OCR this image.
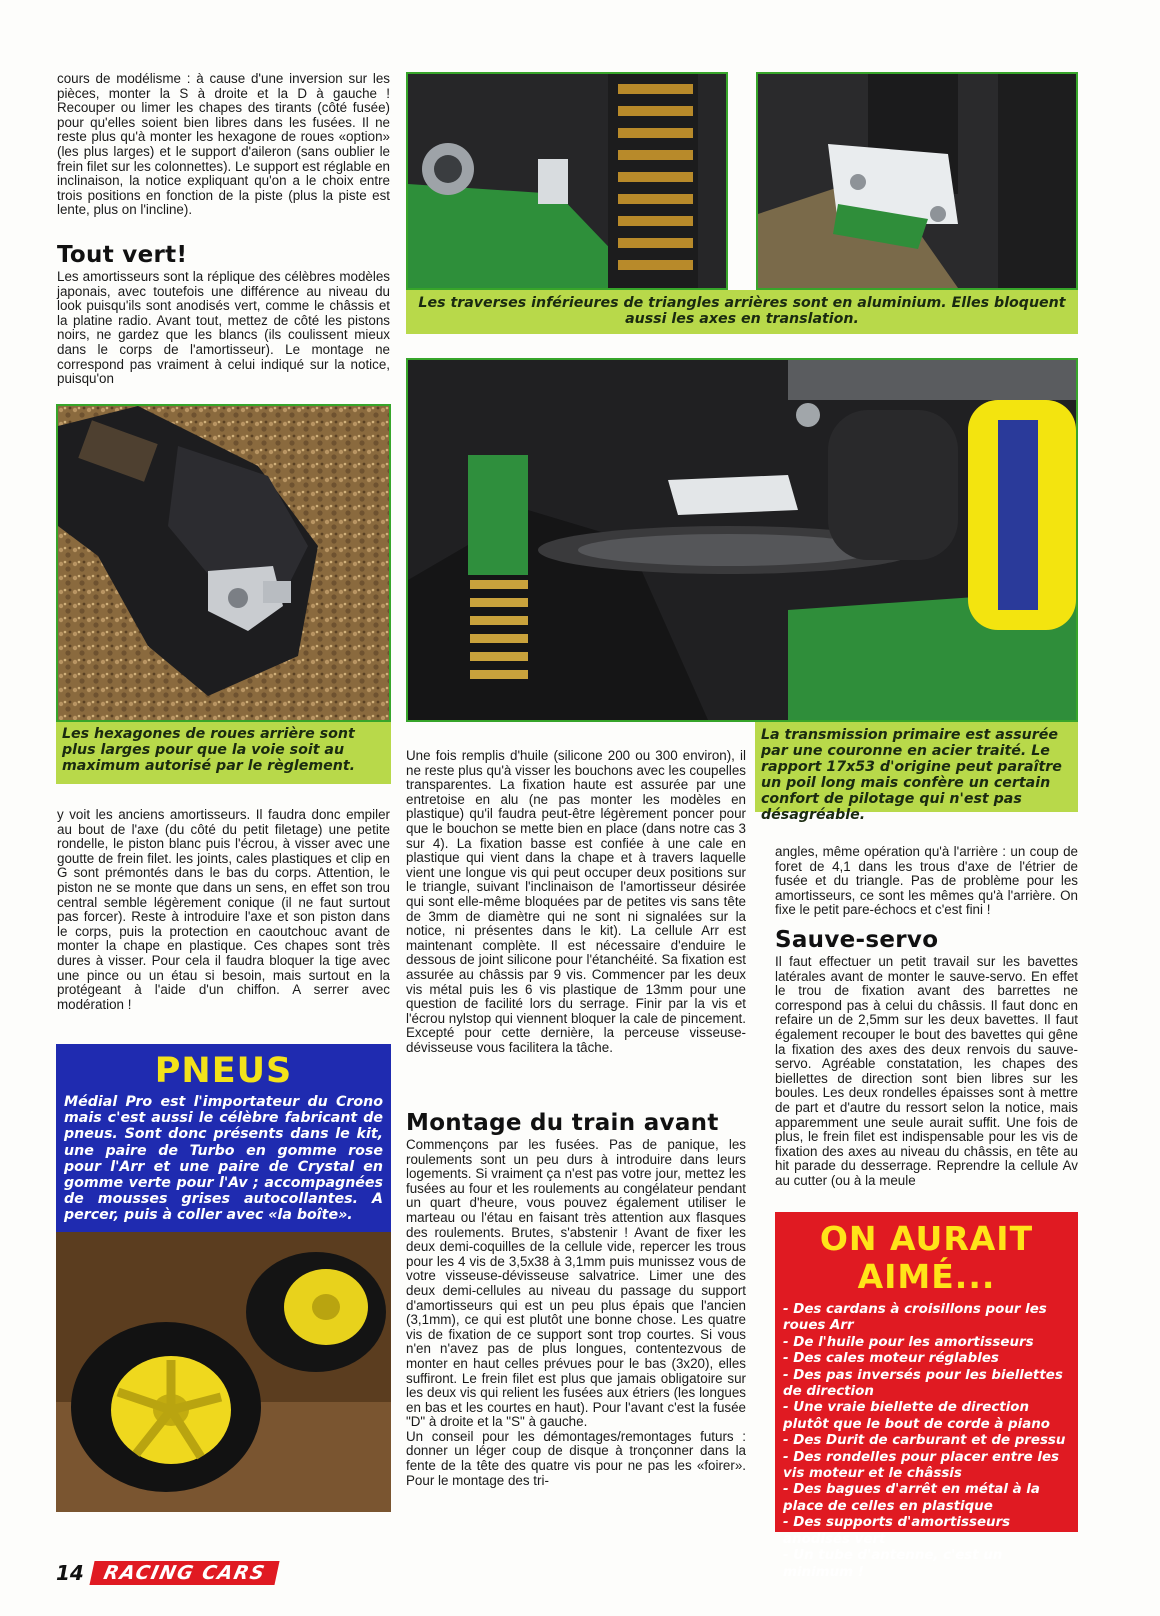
cours de modélisme : à cause d'une inversion sur les pièces, monter la S à droite et la D à gauche ! Recouper ou limer les chapes des tirants (côté fusée) pour qu'elles soient bien libres dans les fusées. Il ne reste plus qu'à monter les hexagone de roues «option» (les plus larges) et le support d'aileron (sans oublier le frein filet sur les colonnettes). Le support est réglable en inclinaison, la notice expliquant qu'on a le choix entre trois positions en fonction de la piste (plus la piste est lente, plus on l'incline).

Tout vert!

Les amortisseurs sont la réplique des célèbres modèles japonais, avec toutefois une différence au niveau du look puisqu'ils sont anodisés vert, comme le châssis et la platine radio. Avant tout, mettez de côté les pistons noirs, ne gardez que les blancs (ils coulissent mieux dans le corps de l'amortisseur). Le montage ne correspond pas vraiment à celui indiqué sur la notice, puisqu'on

Les hexagones de roues arrière sont plus larges pour que la voie soit au maximum autorisé par le règlement.

y voit les anciens amortisseurs. Il faudra donc empiler au bout de l'axe (du côté du petit filetage) une petite rondelle, le piston blanc puis l'écrou, à visser avec une goutte de frein filet. les joints, cales plastiques et clip en G sont prémontés dans le bas du corps. Attention, le piston ne se monte que dans un sens, en effet son trou central semble légèrement conique (il ne faut surtout pas forcer). Reste à introduire l'axe et son piston dans le corps, puis la protection en caoutchouc avant de monter la chape en plastique. Ces chapes sont très dures à visser. Pour cela il faudra bloquer la tige avec une pince ou un étau si besoin, mais surtout en la protégeant à l'aide d'un chiffon. A serrer avec modération !

PNEUS
Médial Pro est l'importateur du Crono mais c'est aussi le célèbre fabricant de pneus. Sont donc présents dans le kit, une paire de Turbo en gomme rose pour l'Arr et une paire de Crystal en gomme verte pour l'Av ; accompagnées de mousses grises autocollantes. A percer, puis à coller avec «la boîte».
Les traverses inférieures de triangles arrières sont en aluminium. Elles bloquent aussi les axes en translation.
La transmission primaire est assurée par une couronne en acier traité. Le rapport 17x53 d'origine peut paraître un poil long mais confère un certain confort de pilotage qui n'est pas désagréable.

Une fois remplis d'huile (silicone 200 ou 300 environ), il ne reste plus qu'à visser les bouchons avec les coupelles transparentes. La fixation haute est assurée par une entretoise en alu (ne pas monter les modèles en plastique) qu'il faudra peut-être légèrement poncer pour que le bouchon se mette bien en place (dans notre cas 3 sur 4). La fixation basse est confiée à une cale en plastique qui vient dans la chape et à travers laquelle vient une longue vis qui peut occuper deux positions sur le triangle, suivant l'inclinaison de l'amortisseur désirée qui sont elle-même bloquées par de petites vis sans tête de 3mm de diamètre qui ne sont ni signalées sur la notice, ni présentes dans le kit). La cellule Arr est maintenant complète. Il est nécessaire d'enduire le dessous de joint silicone pour l'étanchéité. Sa fixation est assurée au châssis par 9 vis. Commencer par les deux vis métal puis les 6 vis plastique de 13mm pour une question de facilité lors du serrage. Finir par la vis et l'écrou nylstop qui viennent bloquer la cale de pincement. Excepté pour cette dernière, la perceuse visseuse-dévisseuse vous facilitera la tâche.

Montage du train avant

Commençons par les fusées. Pas de panique, les roulements sont un peu durs à introduire dans leurs logements. Si vraiment ça n'est pas votre jour, mettez les fusées au four et les roulements au congélateur pendant un quart d'heure, vous pouvez également utiliser le marteau ou l'étau en faisant très attention aux flasques des roulements. Brutes, s'abstenir ! Avant de fixer les deux demi-coquilles de la cellule vide, repercer les trous pour les 4 vis de 3,5x38 à 3,1mm puis munissez vous de votre visseuse-dévisseuse salvatrice. Limer une des deux demi-cellules au niveau du passage du support d'amortisseurs qui est un peu plus épais que l'ancien (3,1mm), ce qui est plutôt une bonne chose. Les quatre vis de fixation de ce support sont trop courtes. Si vous n'en n'avez pas de plus longues, contentezvous de monter en haut celles prévues pour le bas (3x20), elles suffiront. Le frein filet est plus que jamais obligatoire sur les deux vis qui relient les fusées aux étriers (les longues en bas et les courtes en haut). Pour l'avant c'est la fusée "D" à droite et la "S" à gauche.

Un conseil pour les démontages/remontages futurs : donner un léger coup de disque à tronçonner dans la fente de la tête des quatre vis pour ne pas les «foirer». Pour le montage des tri-

angles, même opération qu'à l'arrière : un coup de foret de 4,1 dans les trous d'axe de l'étrier de fusée et du triangle. Pas de problème pour les amortisseurs, ce sont les mêmes qu'à l'arrière. On fixe le petit pare-échocs et c'est fini !

Sauve-servo

Il faut effectuer un petit travail sur les bavettes latérales avant de monter le sauve-servo. En effet le trou de fixation avant des barrettes ne correspond pas à celui du châssis. Il faut donc en refaire un de 2,5mm sur les deux bavettes. Il faut également recouper le bout des bavettes qui gêne la fixation des axes des deux renvois du sauve-servo. Agréable constatation, les chapes des biellettes de direction sont bien libres sur les boules. Les deux rondelles épaisses sont à mettre de part et d'autre du ressort selon la notice, mais apparemment une seule aurait suffit. Une fois de plus, le frein filet est indispensable pour les vis de fixation des axes au niveau du châssis, en tête au hit parade du desserrage. Reprendre la cellule Av au cutter (ou à la meule

ON AURAIT
AIMÉ...
- Des cardans à croisillons pour les roues Arr
- De l'huile pour les amortisseurs
- Des cales moteur réglables
- Des pas inversés pour les biellettes de direction
- Une vraie biellette de direction plutôt que le bout de corde à piano
- Des Durit de carburant et de pressu
- Des rondelles pour placer entre les vis moteur et le châssis
- Des bagues d'arrêt en métal à la place de celles en plastique
- Des supports d'amortisseurs anodisés vert
- Un tube d'antenne, c'est un minimum !
14 RACING CARS
